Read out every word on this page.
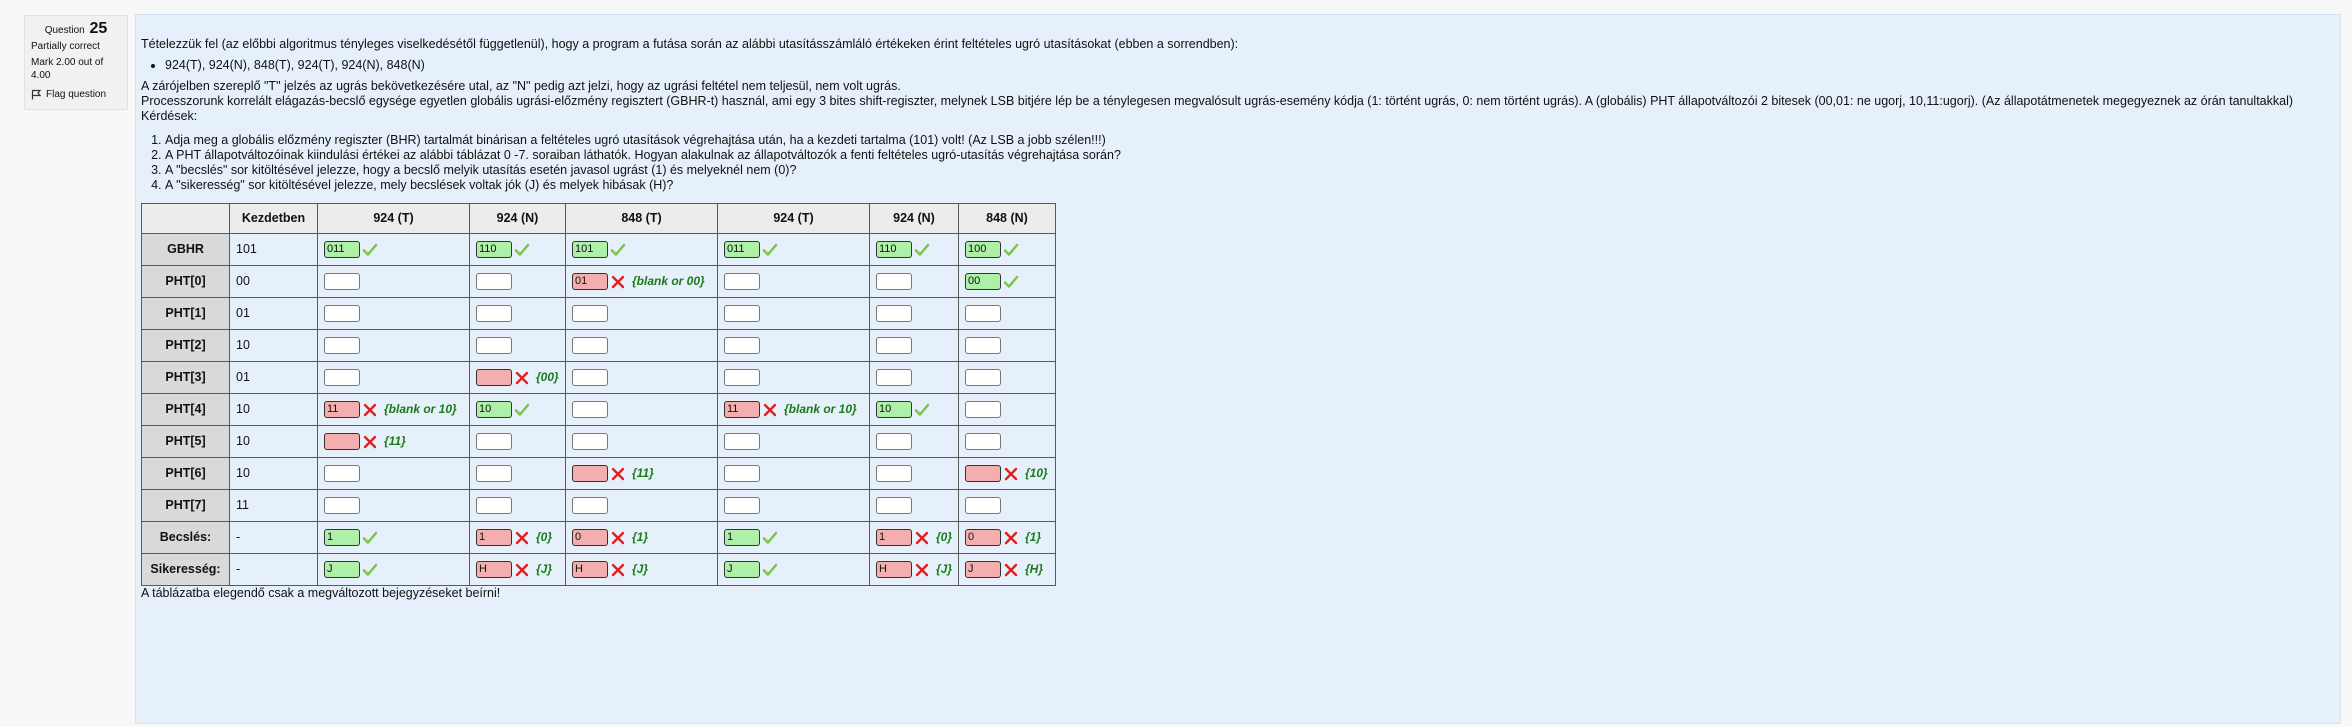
Question 25
Partially correct
Mark 2.00 out of 4.00
Flag question

Tételezzük fel (az előbbi algoritmus tényleges viselkedésétől függetlenül), hogy a program a futása során az alábbi utasításszámláló értékeken érint feltételes ugró utasításokat (ebben a sorrendben):

• 924(T), 924(N), 848(T), 924(T), 924(N), 848(N)

A zárójelben szereplő "T" jelzés az ugrás bekövetkezésére utal, az "N" pedig azt jelzi, hogy az ugrási feltétel nem teljesül, nem volt ugrás.

Processzorunk korrelált elágazás-becslő egysége egyetlen globális ugrási-előzmény regisztert (GBHR-t) használ, ami egy 3 bites shift-regiszter, melynek LSB bitjére lép be a ténylegesen megvalósult ugrás-esemény kódja (1: történt ugrás, 0: nem történt ugrás). A (globális) PHT állapotváltozói 2 bitesek (00,01: ne ugorj, 10,11:ugorj). (Az állapotátmenetek megegyeznek az órán tanultakkal)

Kérdések:

1. Adja meg a globális előzmény regiszter (BHR) tartalmát binárisan a feltételes ugró utasítások végrehajtása után, ha a kezdeti tartalma (101) volt! (Az LSB a jobb szélen!!!)
2. A PHT állapotváltozóinak kiindulási értékei az alábbi táblázat 0 -7. soraiban láthatók. Hogyan alakulnak az állapotváltozók a fenti feltételes ugró-utasítás végrehajtása során?
3. A "becslés" sor kitöltésével jelezze, hogy a becslő melyik utasítás esetén javasol ugrást (1) és melyeknél nem (0)?
4. A "sikeresség" sor kitöltésével jelezze, mely becslések voltak jók (J) és melyek hibásak (H)?
	Kezdetben	924 (T)	924 (N)	848 (T)	924 (T)	924 (N)	848 (N)
GBHR	101	011	110	101	011	110	100
PHT[0]	00			01 {blank or 00}			00
PHT[1]	01						
PHT[2]	10						
PHT[3]	01		{00}				
PHT[4]	10	11 {blank or 10}	10		11 {blank or 10}	10	
PHT[5]	10	{11}					
PHT[6]	10			{11}			{10}
PHT[7]	11						
Becslés:	-	1	1 {0}	0 {1}	1	1 {0}	0 {1}
Sikeresség:	-	J	H {J}	H {J}	J	H {J}	J {H}

A táblázatba elegendő csak a megváltozott bejegyzéseket beírni!
